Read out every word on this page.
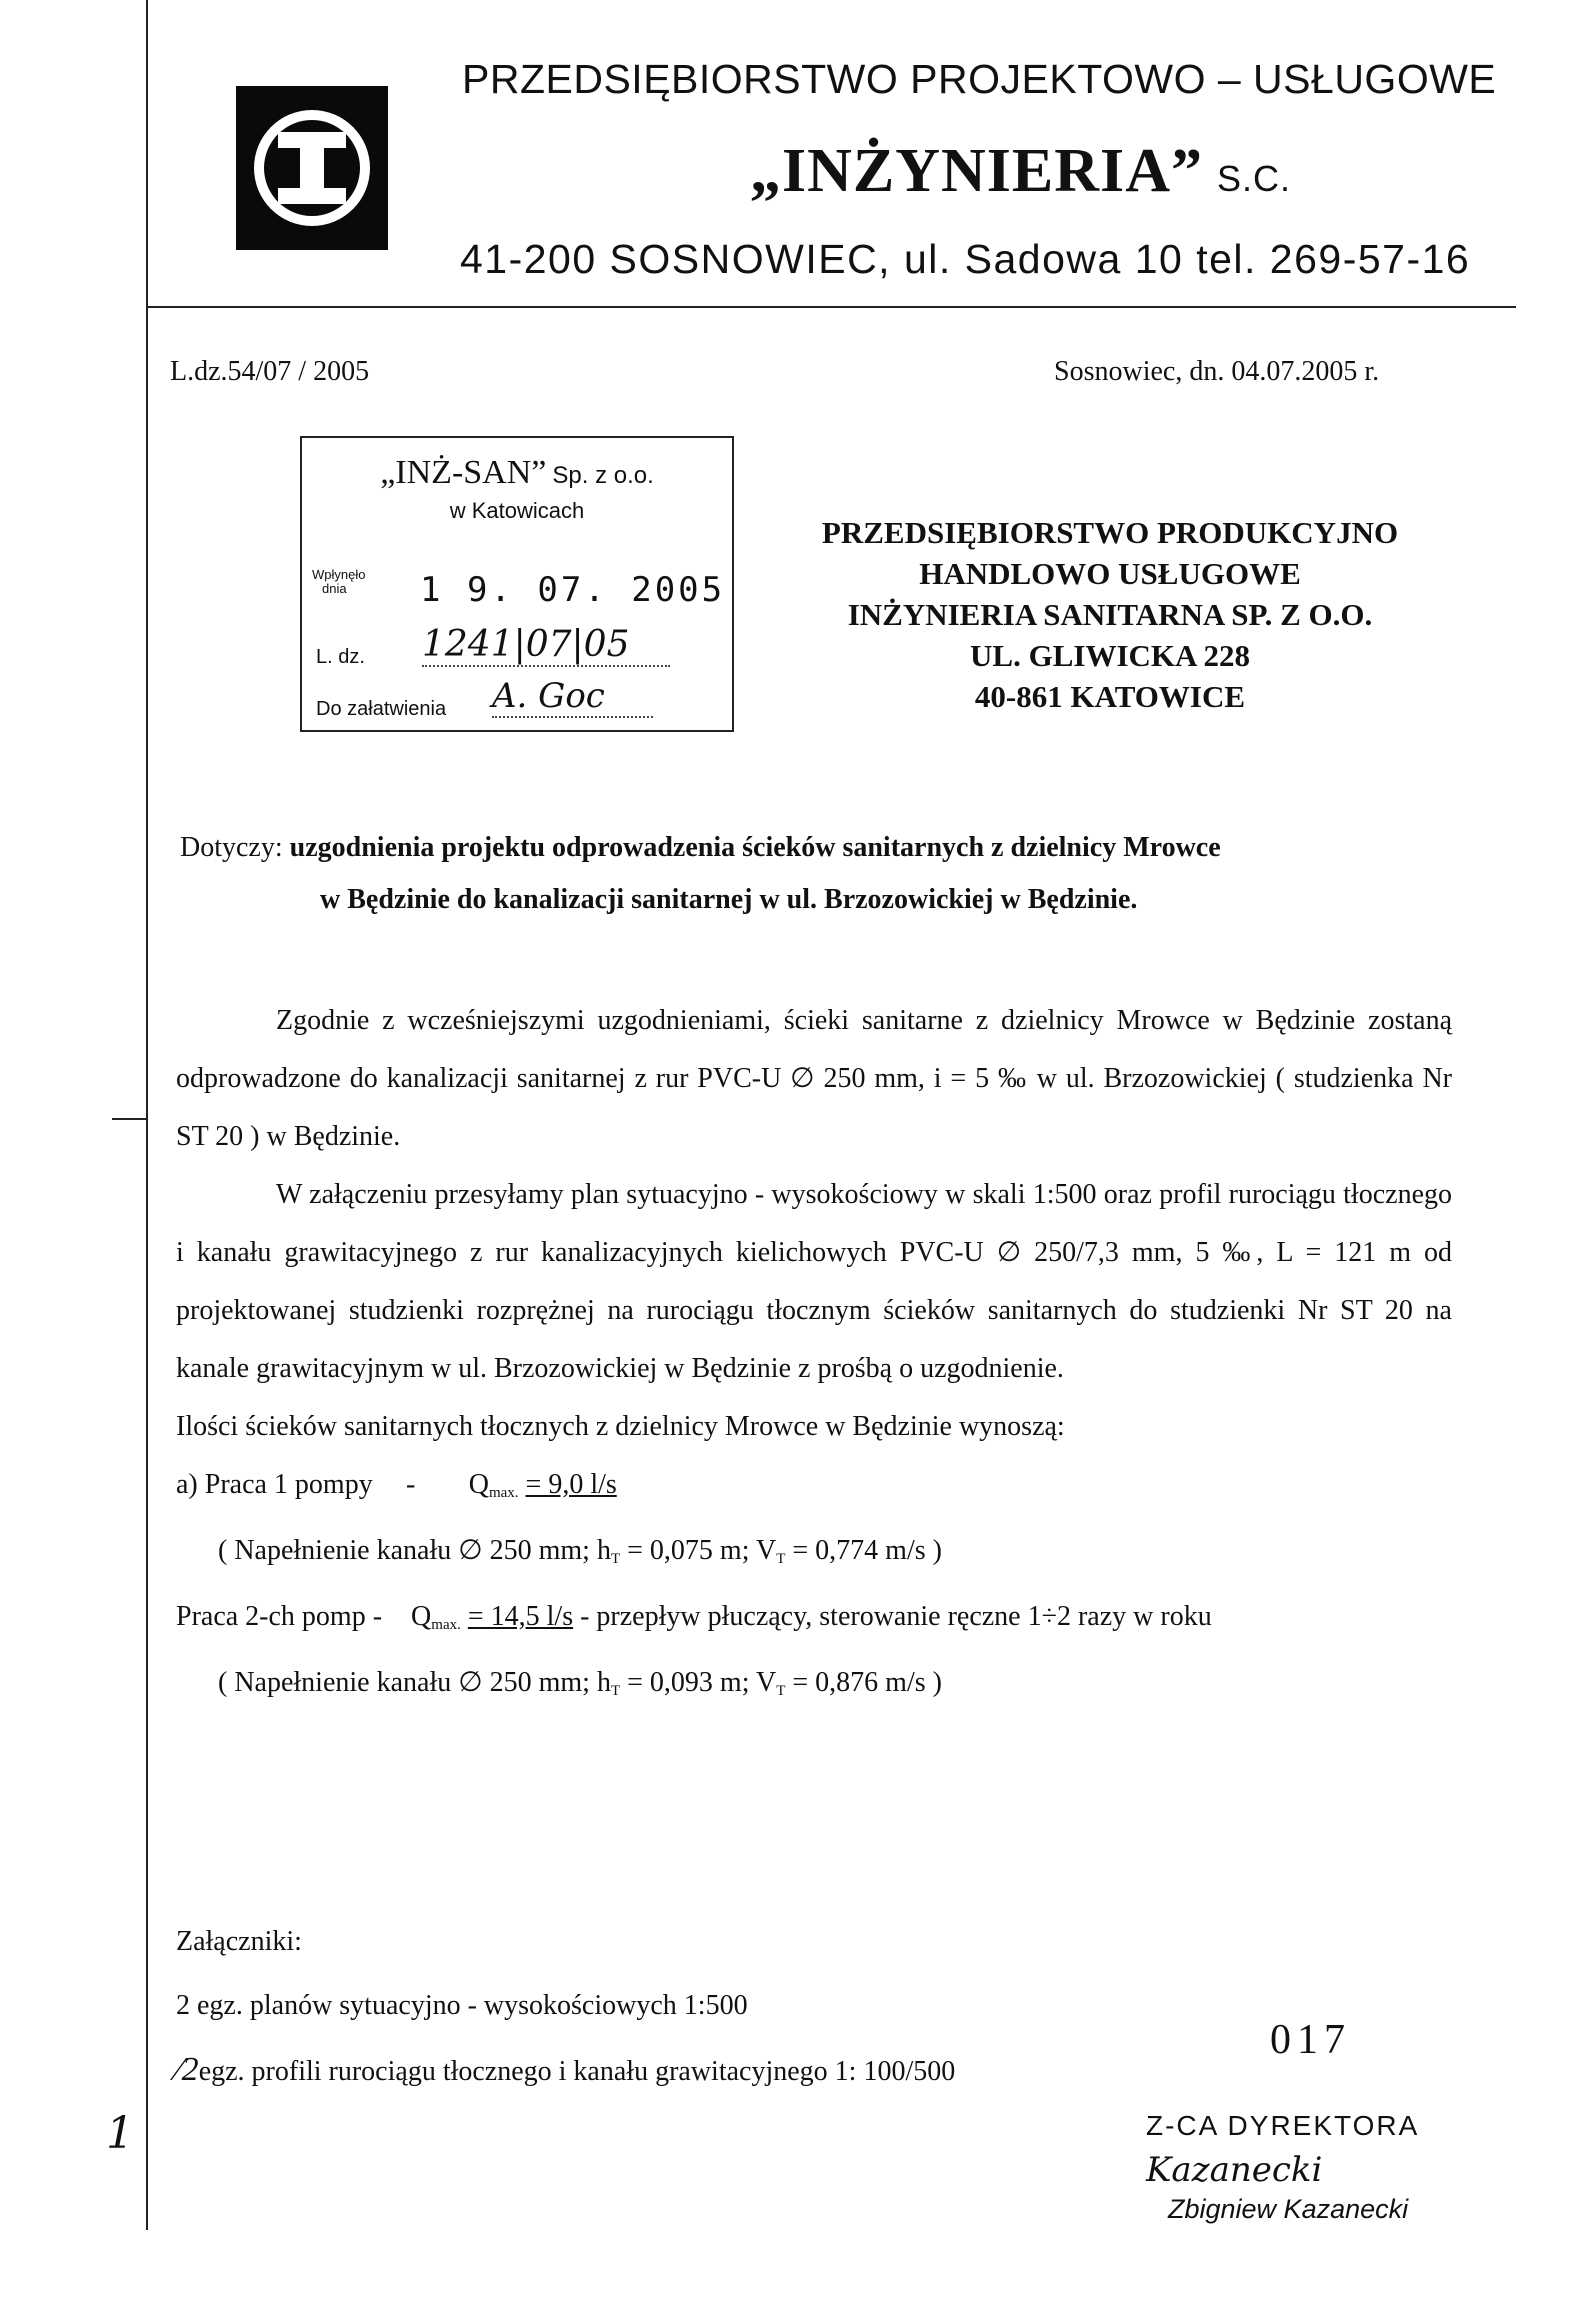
1
PRZEDSIĘBIORSTWO PROJEKTOWO – USŁUGOWE
„INŻYNIERIA” S.C.
41-200 SOSNOWIEC, ul. Sadowa 10 tel. 269-57-16
L.dz.54/07 / 2005	Sosnowiec, dn. 04.07.2005 r.
„INŻ-SAN” Sp. z o.o.
w Katowicach
Wpłynęło
dnia	1 9. 07. 2005
L. dz. 1241|07|05
Do załatwienia A. Goc
PRZEDSIĘBIORSTWO PRODUKCYJNO
HANDLOWO USŁUGOWE
INŻYNIERIA SANITARNA SP. Z O.O.
UL. GLIWICKA 228
40-861 KATOWICE
Dotyczy: uzgodnienia projektu odprowadzenia ścieków sanitarnych z dzielnicy Mrowce
w Będzinie do kanalizacji sanitarnej w ul. Brzozowickiej w Będzinie.

Zgodnie z wcześniejszymi uzgodnieniami, ścieki sanitarne z dzielnicy Mrowce w Będzinie zostaną odprowadzone do kanalizacji sanitarnej z rur PVC-U ∅ 250 mm, i = 5 ‰ w ul. Brzozowickiej ( studzienka Nr ST 20 ) w Będzinie.

W załączeniu przesyłamy plan sytuacyjno - wysokościowy w skali 1:500 oraz profil rurociągu tłocznego i kanału grawitacyjnego z rur kanalizacyjnych kielichowych PVC-U ∅ 250/7,3 mm, 5 ‰, L = 121 m od projektowanej studzienki rozprężnej na rurociągu tłocznym ścieków sanitarnych do studzienki Nr ST 20 na kanale grawitacyjnym w ul. Brzozowickiej w Będzinie z prośbą o uzgodnienie.

Ilości ścieków sanitarnych tłocznych z dzielnicy Mrowce w Będzinie wynoszą:
a) Praca 1 pompy - $Q_{max.} = 9,0$ l/s
( Napełnienie kanału ∅ 250 mm; $h_T = 0,075$ m; $V_T = 0,774$ m/s )
Praca 2-ch pomp - $Q_{max.} = 14,5$ l/s - przepływ płuczący, sterowanie ręczne 1÷2 razy w roku
( Napełnienie kanału ∅ 250 mm; $h_T = 0,093$ m; $V_T = 0,876$ m/s )
Załączniki:
2 egz. planów sytuacyjno - wysokościowych 1:500
⁄2egz. profili rurociągu tłocznego i kanału grawitacyjnego 1: 100/500
017
Z-CA DYREKTORA
Kazanecki
Zbigniew Kazanecki
